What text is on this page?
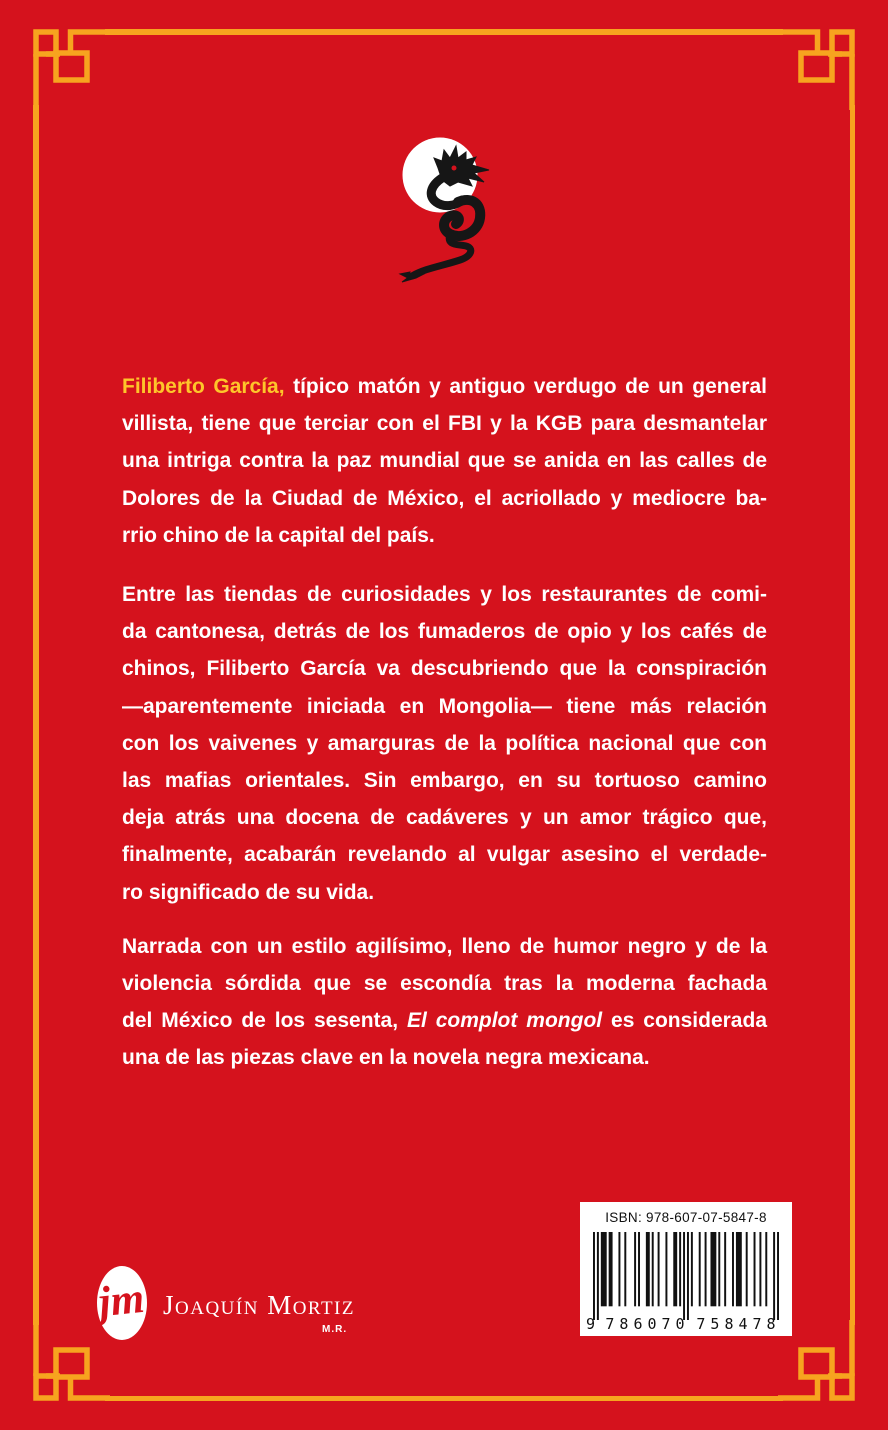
Filiberto García, típico matón y antiguo verdugo de un general
villista, tiene que terciar con el FBI y la KGB para desmantelar
una intriga contra la paz mundial que se anida en las calles de
Dolores de la Ciudad de México, el acriollado y mediocre ba-
rrio chino de la capital del país.

Entre las tiendas de curiosidades y los restaurantes de comi-
da cantonesa, detrás de los fumaderos de opio y los cafés de
chinos, Filiberto García va descubriendo que la conspiración
—aparentemente iniciada en Mongolia— tiene más relación
con los vaivenes y amarguras de la política nacional que con
las mafias orientales. Sin embargo, en su tortuoso camino
deja atrás una docena de cadáveres y un amor trágico que,
finalmente, acabarán revelando al vulgar asesino el verdade-
ro significado de su vida.

Narrada con un estilo agilísimo, lleno de humor negro y de la
violencia sórdida que se escondía tras la moderna fachada
del México de los sesenta, El complot mongol es considerada
una de las piezas clave en la novela negra mexicana.

ISBN: 978-607-07-5847-8
9 786070 758478
jm Joaquín Mortiz
M.R.
